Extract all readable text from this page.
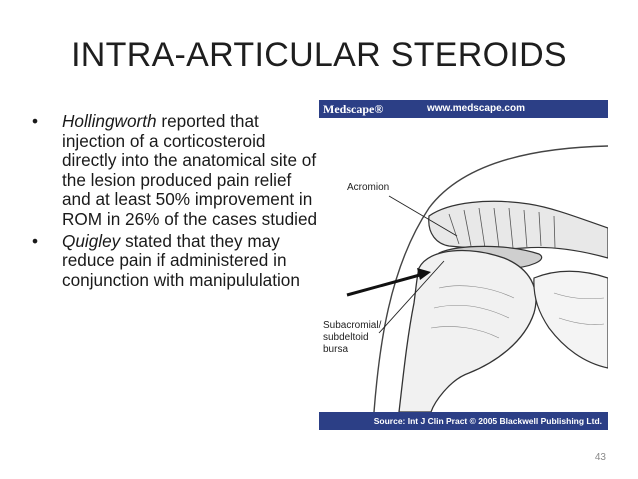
INTRA-ARTICULAR STEROIDS
• Hollingworth reported that injection of a corticosteroid directly into the anatomical site of the lesion produced pain relief and at least 50% improvement in ROM in 26% of the cases studied
• Quigley stated that they may reduce pain if administered in conjunction with manipululation
Medscape®	www.medscape.com
Acromion
Subacromial/
subdeltoid
bursa
Source: Int J Clin Pract © 2005 Blackwell Publishing Ltd.
43
